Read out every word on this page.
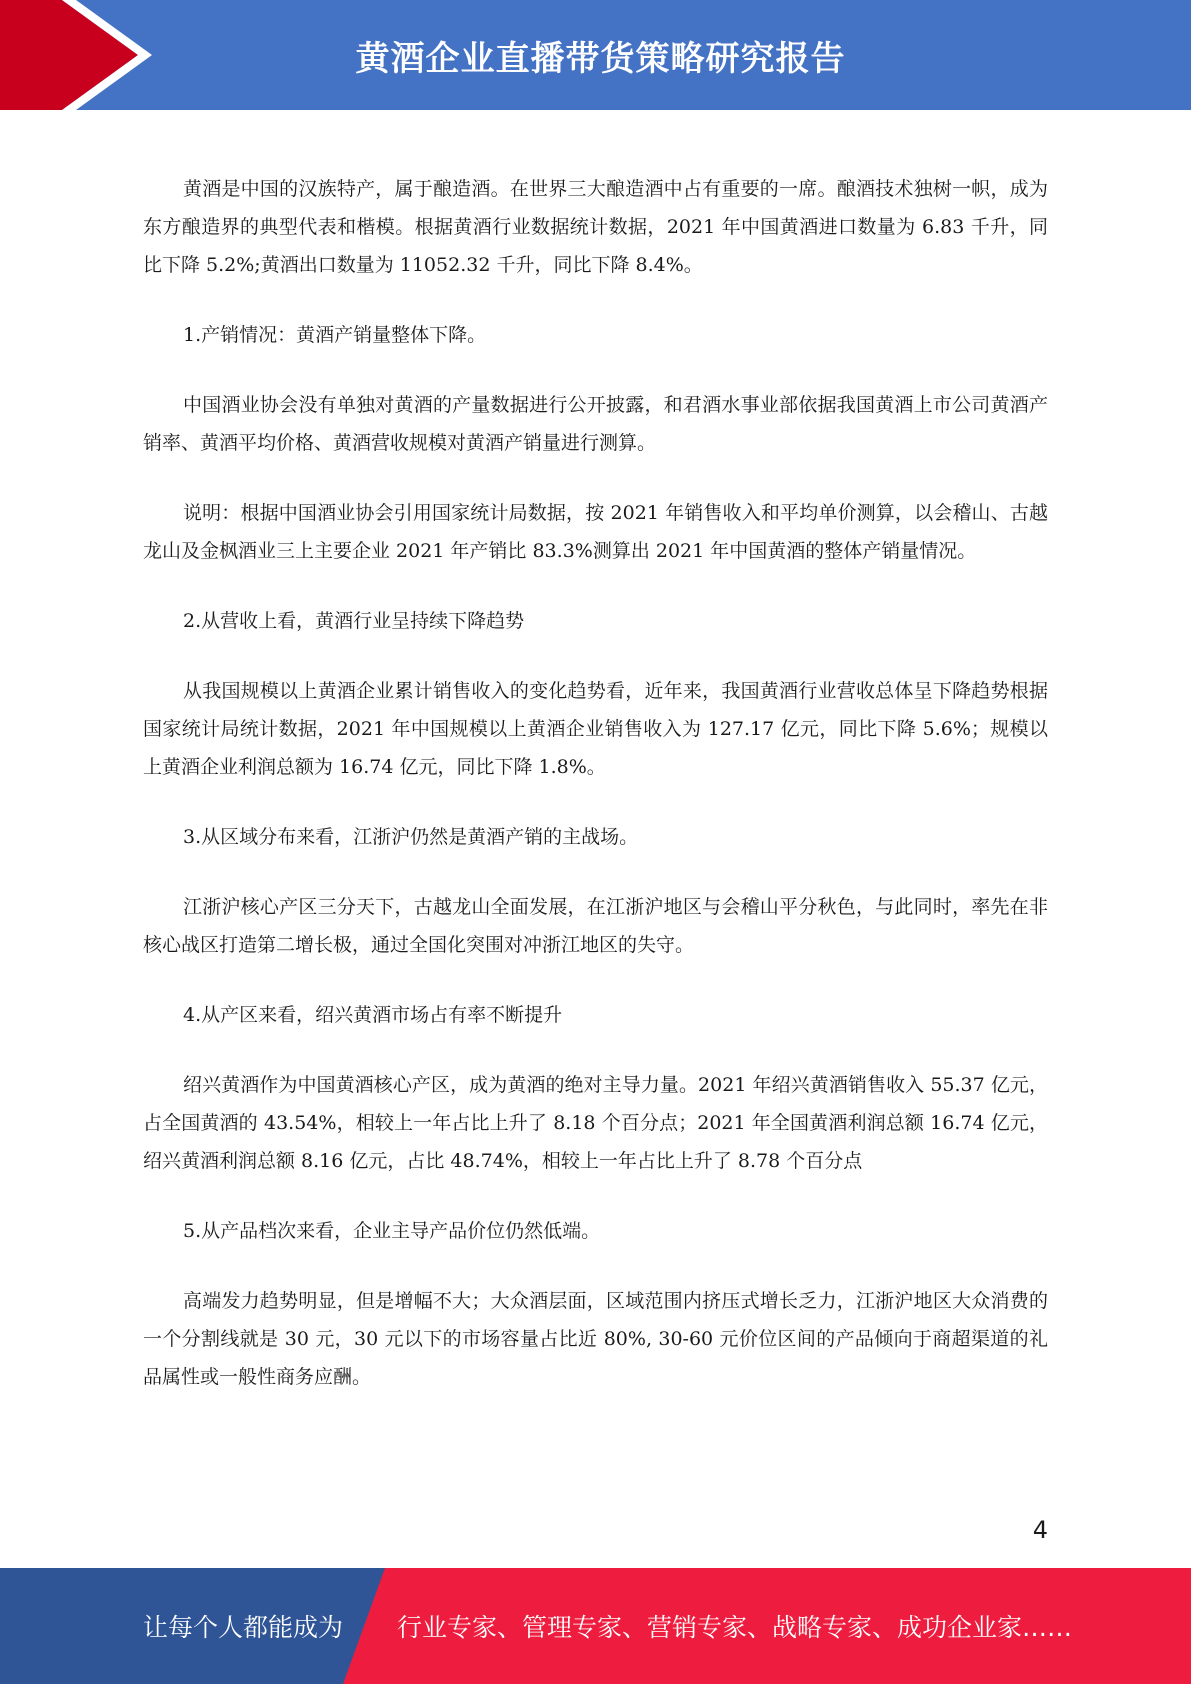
黄酒企业直播带货策略研究报告

黄酒是中国的汉族特产，属于酿造酒。在世界三大酿造酒中占有重要的一席。酿酒技术独树一帜，成为东方酿造界的典型代表和楷模。根据黄酒行业数据统计数据，2021 年中国黄酒进口数量为 6.83 千升，同比下降 5.2%;黄酒出口数量为 11052.32 千升，同比下降 8.4%。

1.产销情况：黄酒产销量整体下降。

中国酒业协会没有单独对黄酒的产量数据进行公开披露，和君酒水事业部依据我国黄酒上市公司黄酒产销率、黄酒平均价格、黄酒营收规模对黄酒产销量进行测算。

说明：根据中国酒业协会引用国家统计局数据，按 2021 年销售收入和平均单价测算，以会稽山、古越龙山及金枫酒业三上主要企业 2021 年产销比 83.3%测算出 2021 年中国黄酒的整体产销量情况。

2.从营收上看，黄酒行业呈持续下降趋势

从我国规模以上黄酒企业累计销售收入的变化趋势看，近年来，我国黄酒行业营收总体呈下降趋势根据国家统计局统计数据，2021 年中国规模以上黄酒企业销售收入为 127.17 亿元，同比下降 5.6%；规模以上黄酒企业利润总额为 16.74 亿元，同比下降 1.8%。

3.从区域分布来看，江浙沪仍然是黄酒产销的主战场。

江浙沪核心产区三分天下，古越龙山全面发展，在江浙沪地区与会稽山平分秋色，与此同时，率先在非核心战区打造第二增长极，通过全国化突围对冲浙江地区的失守。

4.从产区来看，绍兴黄酒市场占有率不断提升

绍兴黄酒作为中国黄酒核心产区，成为黄酒的绝对主导力量。2021 年绍兴黄酒销售收入 55.37 亿元，占全国黄酒的 43.54%，相较上一年占比上升了 8.18 个百分点；2021 年全国黄酒利润总额 16.74 亿元，绍兴黄酒利润总额 8.16 亿元，占比 48.74%，相较上一年占比上升了 8.78 个百分点

5.从产品档次来看，企业主导产品价位仍然低端。

高端发力趋势明显，但是增幅不大；大众酒层面，区域范围内挤压式增长乏力，江浙沪地区大众消费的一个分割线就是 30 元，30 元以下的市场容量占比近 80%, 30-60 元价位区间的产品倾向于商超渠道的礼品属性或一般性商务应酬。

4
让每个人都能成为 行业专家、管理专家、营销专家、战略专家、成功企业家……
